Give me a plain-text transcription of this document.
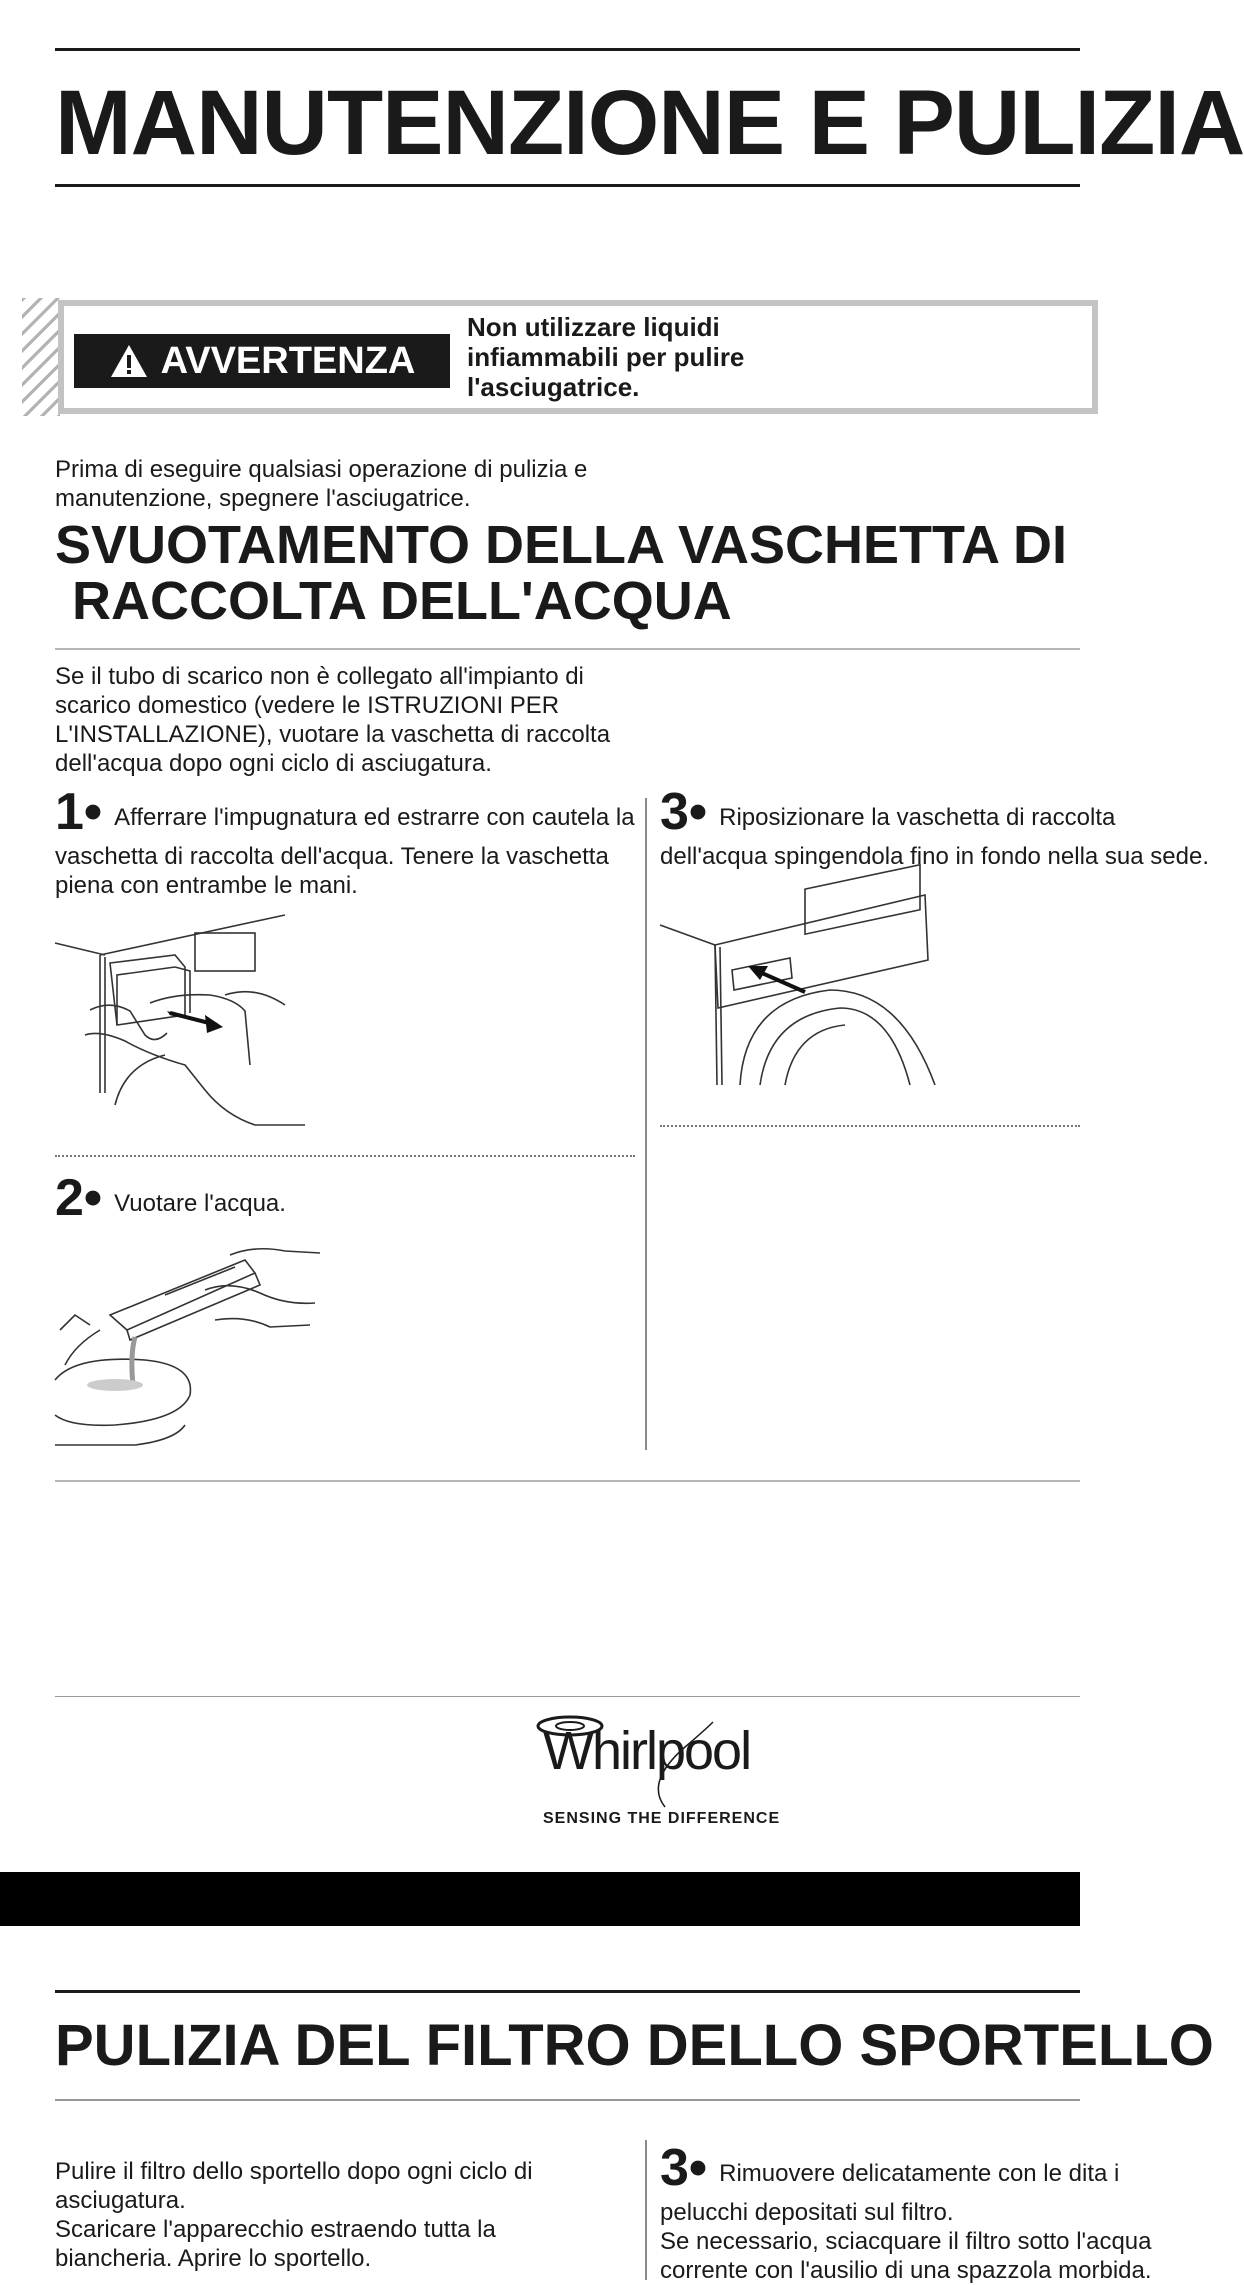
MANUTENZIONE E PULIZIA
AVVERTENZA
Non utilizzare liquidi infiammabili per pulire l'asciugatrice.
Prima di eseguire qualsiasi operazione di pulizia e manutenzione, spegnere l'asciugatrice.
SVUOTAMENTO DELLA VASCHETTA DI
RACCOLTA DELL'ACQUA
Se il tubo di scarico non è collegato all'impianto di scarico domestico (vedere le ISTRUZIONI PER L'INSTALLAZIONE), vuotare la vaschetta di raccolta dell'acqua dopo ogni ciclo di asciugatura.
1• Afferrare l'impugnatura ed estrarre con cautela la vaschetta di raccolta dell'acqua. Tenere la vaschetta piena con entrambe le mani.
2• Vuotare l'acqua.
3• Riposizionare la vaschetta di raccolta dell'acqua spingendola fino in fondo nella sua sede.
Whirlpool
SENSING THE DIFFERENCE
PULIZIA DEL FILTRO DELLO SPORTELLO
Pulire il filtro dello sportello dopo ogni ciclo di asciugatura.
Scaricare l'apparecchio estraendo tutta la biancheria. Aprire lo sportello.
3• Rimuovere delicatamente con le dita i pelucchi depositati sul filtro.
Se necessario, sciacquare il filtro sotto l'acqua corrente con l'ausilio di una spazzola morbida.
